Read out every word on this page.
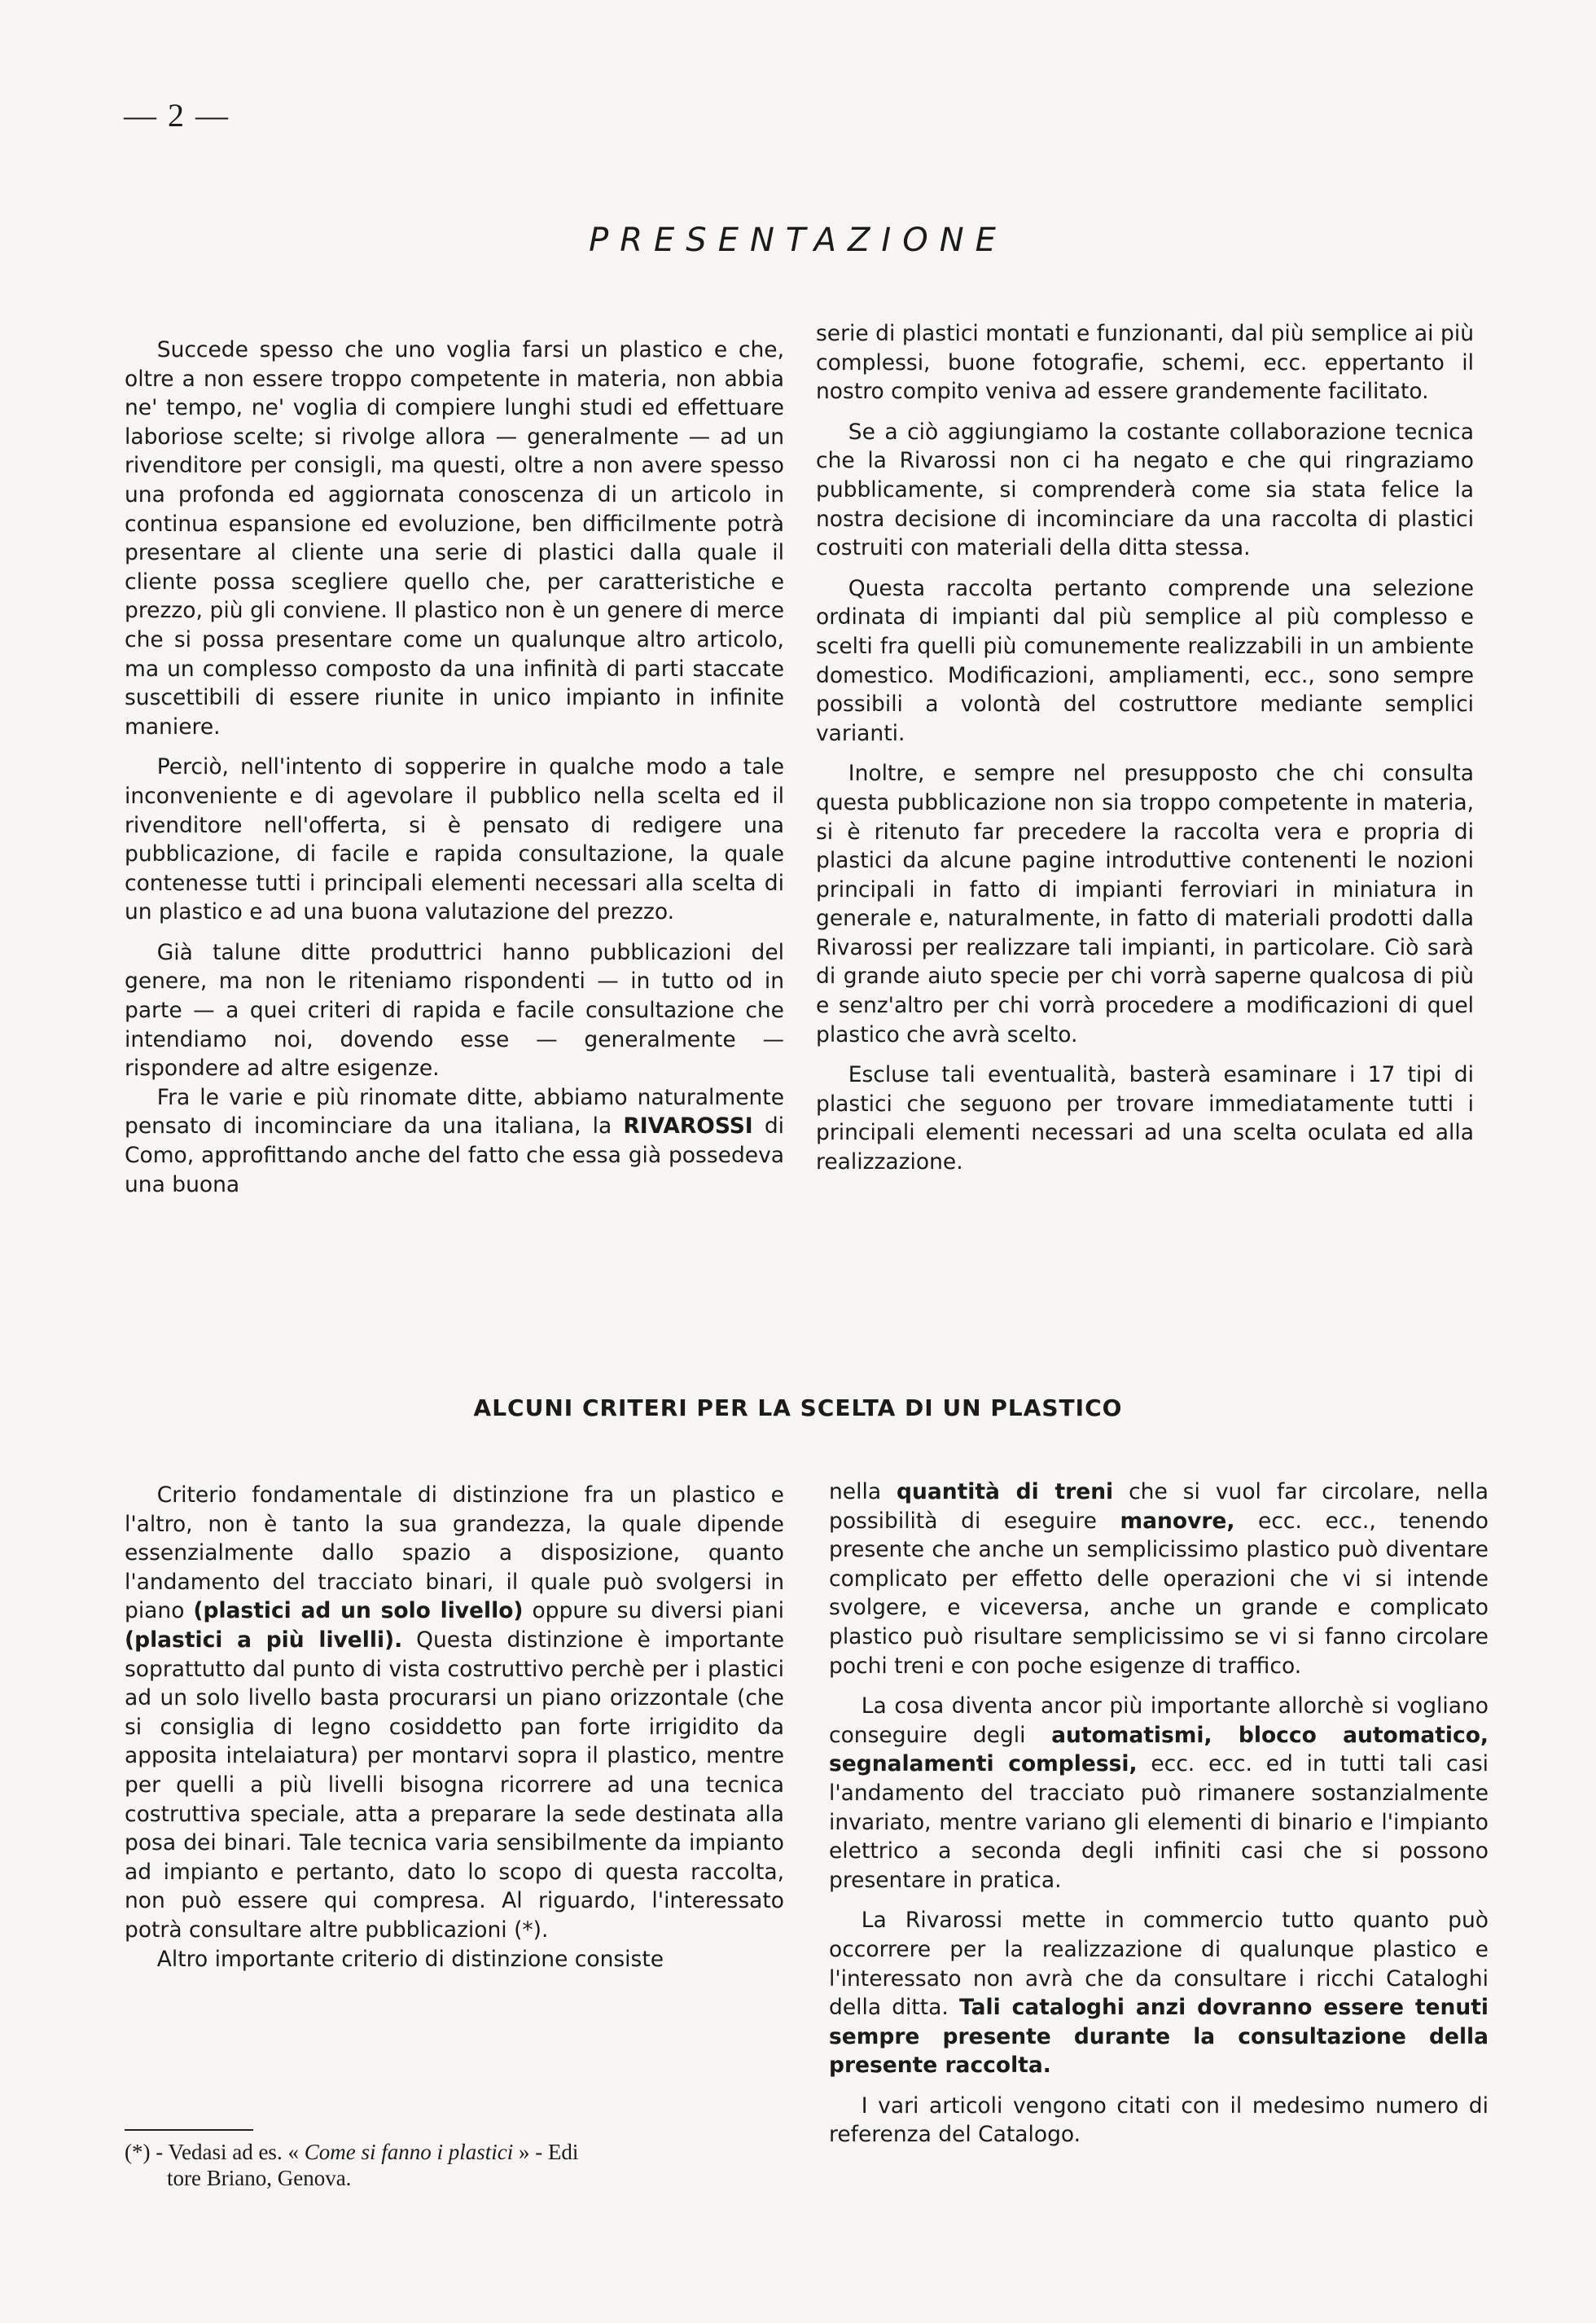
— 2 —
PRESENTAZIONE

Succede spesso che uno voglia farsi un plastico e che, oltre a non essere troppo competente in materia, non abbia ne' tempo, ne' voglia di compiere lunghi studi ed effettuare laboriose scelte; si rivolge allora — generalmente — ad un rivenditore per consigli, ma questi, oltre a non avere spesso una profonda ed aggiornata conoscenza di un articolo in continua espansione ed evoluzione, ben difficilmente potrà presentare al cliente una serie di plastici dalla quale il cliente possa scegliere quello che, per caratteristiche e prezzo, più gli conviene. Il plastico non è un genere di merce che si possa presentare come un qualunque altro articolo, ma un complesso composto da una infinità di parti staccate suscettibili di essere riunite in unico impianto in infinite maniere.

Perciò, nell'intento di sopperire in qualche modo a tale inconveniente e di agevolare il pubblico nella scelta ed il rivenditore nell'offerta, si è pensato di redigere una pubblicazione, di facile e rapida consultazione, la quale contenesse tutti i principali elementi necessari alla scelta di un plastico e ad una buona valutazione del prezzo.

Già talune ditte produttrici hanno pubblicazioni del genere, ma non le riteniamo rispondenti — in tutto od in parte — a quei criteri di rapida e facile consultazione che intendiamo noi, dovendo esse — generalmente — rispondere ad altre esigenze.

Fra le varie e più rinomate ditte, abbiamo naturalmente pensato di incominciare da una italiana, la RIVAROSSI di Como, approfittando anche del fatto che essa già possedeva una buona

serie di plastici montati e funzionanti, dal più semplice ai più complessi, buone fotografie, schemi, ecc. eppertanto il nostro compito veniva ad essere grandemente facilitato.

Se a ciò aggiungiamo la costante collaborazione tecnica che la Rivarossi non ci ha negato e che qui ringraziamo pubblicamente, si comprenderà come sia stata felice la nostra decisione di incominciare da una raccolta di plastici costruiti con materiali della ditta stessa.

Questa raccolta pertanto comprende una selezione ordinata di impianti dal più semplice al più complesso e scelti fra quelli più comunemente realizzabili in un ambiente domestico. Modificazioni, ampliamenti, ecc., sono sempre possibili a volontà del costruttore mediante semplici varianti.

Inoltre, e sempre nel presupposto che chi consulta questa pubblicazione non sia troppo competente in materia, si è ritenuto far precedere la raccolta vera e propria di plastici da alcune pagine introduttive contenenti le nozioni principali in fatto di impianti ferroviari in miniatura in generale e, naturalmente, in fatto di materiali prodotti dalla Rivarossi per realizzare tali impianti, in particolare. Ciò sarà di grande aiuto specie per chi vorrà saperne qualcosa di più e senz'altro per chi vorrà procedere a modificazioni di quel plastico che avrà scelto.

Escluse tali eventualità, basterà esaminare i 17 tipi di plastici che seguono per trovare immediatamente tutti i principali elementi necessari ad una scelta oculata ed alla realizzazione.

ALCUNI CRITERI PER LA SCELTA DI UN PLASTICO

Criterio fondamentale di distinzione fra un plastico e l'altro, non è tanto la sua grandezza, la quale dipende essenzialmente dallo spazio a disposizione, quanto l'andamento del tracciato binari, il quale può svolgersi in piano (plastici ad un solo livello) oppure su diversi piani (plastici a più livelli). Questa distinzione è importante soprattutto dal punto di vista costruttivo perchè per i plastici ad un solo livello basta procurarsi un piano orizzontale (che si consiglia di legno cosiddetto pan forte irrigidito da apposita intelaiatura) per montarvi sopra il plastico, mentre per quelli a più livelli bisogna ricorrere ad una tecnica costruttiva speciale, atta a preparare la sede destinata alla posa dei binari. Tale tecnica varia sensibilmente da impianto ad impianto e pertanto, dato lo scopo di questa raccolta, non può essere qui compresa. Al riguardo, l'interessato potrà consultare altre pubblicazioni (*).

Altro importante criterio di distinzione consiste

nella quantità di treni che si vuol far circolare, nella possibilità di eseguire manovre, ecc. ecc., tenendo presente che anche un semplicissimo plastico può diventare complicato per effetto delle operazioni che vi si intende svolgere, e viceversa, anche un grande e complicato plastico può risultare semplicissimo se vi si fanno circolare pochi treni e con poche esigenze di traffico.

La cosa diventa ancor più importante allorchè si vogliano conseguire degli automatismi, blocco automatico, segnalamenti complessi, ecc. ecc. ed in tutti tali casi l'andamento del tracciato può rimanere sostanzialmente invariato, mentre variano gli elementi di binario e l'impianto elettrico a seconda degli infiniti casi che si possono presentare in pratica.

La Rivarossi mette in commercio tutto quanto può occorrere per la realizzazione di qualunque plastico e l'interessato non avrà che da consultare i ricchi Cataloghi della ditta. Tali cataloghi anzi dovranno essere tenuti sempre presente durante la consultazione della presente raccolta.

I vari articoli vengono citati con il medesimo numero di referenza del Catalogo.

(*) - Vedasi ad es. « Come si fanno i plastici » - Edi
tore Briano, Genova.
